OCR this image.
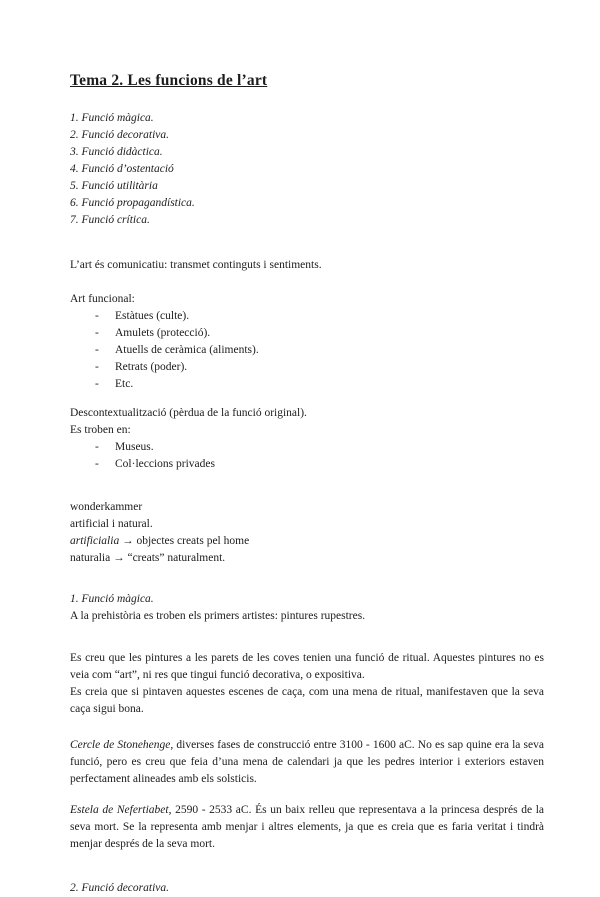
Tema 2. Les funcions de l’art
1. Funció màgica.
2. Funció decorativa.
3. Funció didàctica.
4. Funció d’ostentació
5. Funció utilitària
6. Funció propagandística.
7. Funció crítica.

L’art és comunicatiu: transmet continguts i sentiments.

Art funcional:

- Estàtues (culte).
- Amulets (protecció).
- Atuells de ceràmica (aliments).
- Retrats (poder).
- Etc.

Descontextualització (pèrdua de la funció original).

Es troben en:

- Museus.
- Col·leccions privades

wonderkammer

artificial i natural.

artificialia → objectes creats pel home

naturalia → “creats” naturalment.

1. Funció màgica.

A la prehistòria es troben els primers artistes: pintures rupestres.

Es creu que les pintures a les parets de les coves tenien una funció de ritual. Aquestes pintures no es veia com “art”, ni res que tingui funció decorativa, o expositiva.

Es creia que si pintaven aquestes escenes de caça, com una mena de ritual, manifestaven que la seva caça sigui bona.

Cercle de Stonehenge, diverses fases de construcció entre 3100 - 1600 aC. No es sap quine era la seva funció, pero es creu que feia d’una mena de calendari ja que les pedres interior i exteriors estaven perfectament alineades amb els solsticis.

Estela de Nefertiabet, 2590 - 2533 aC. És un baix relleu que representava a la princesa després de la seva mort. Se la representa amb menjar i altres elements, ja que es creia que es faria veritat i tindrà menjar després de la seva mort.

2. Funció decorativa.
